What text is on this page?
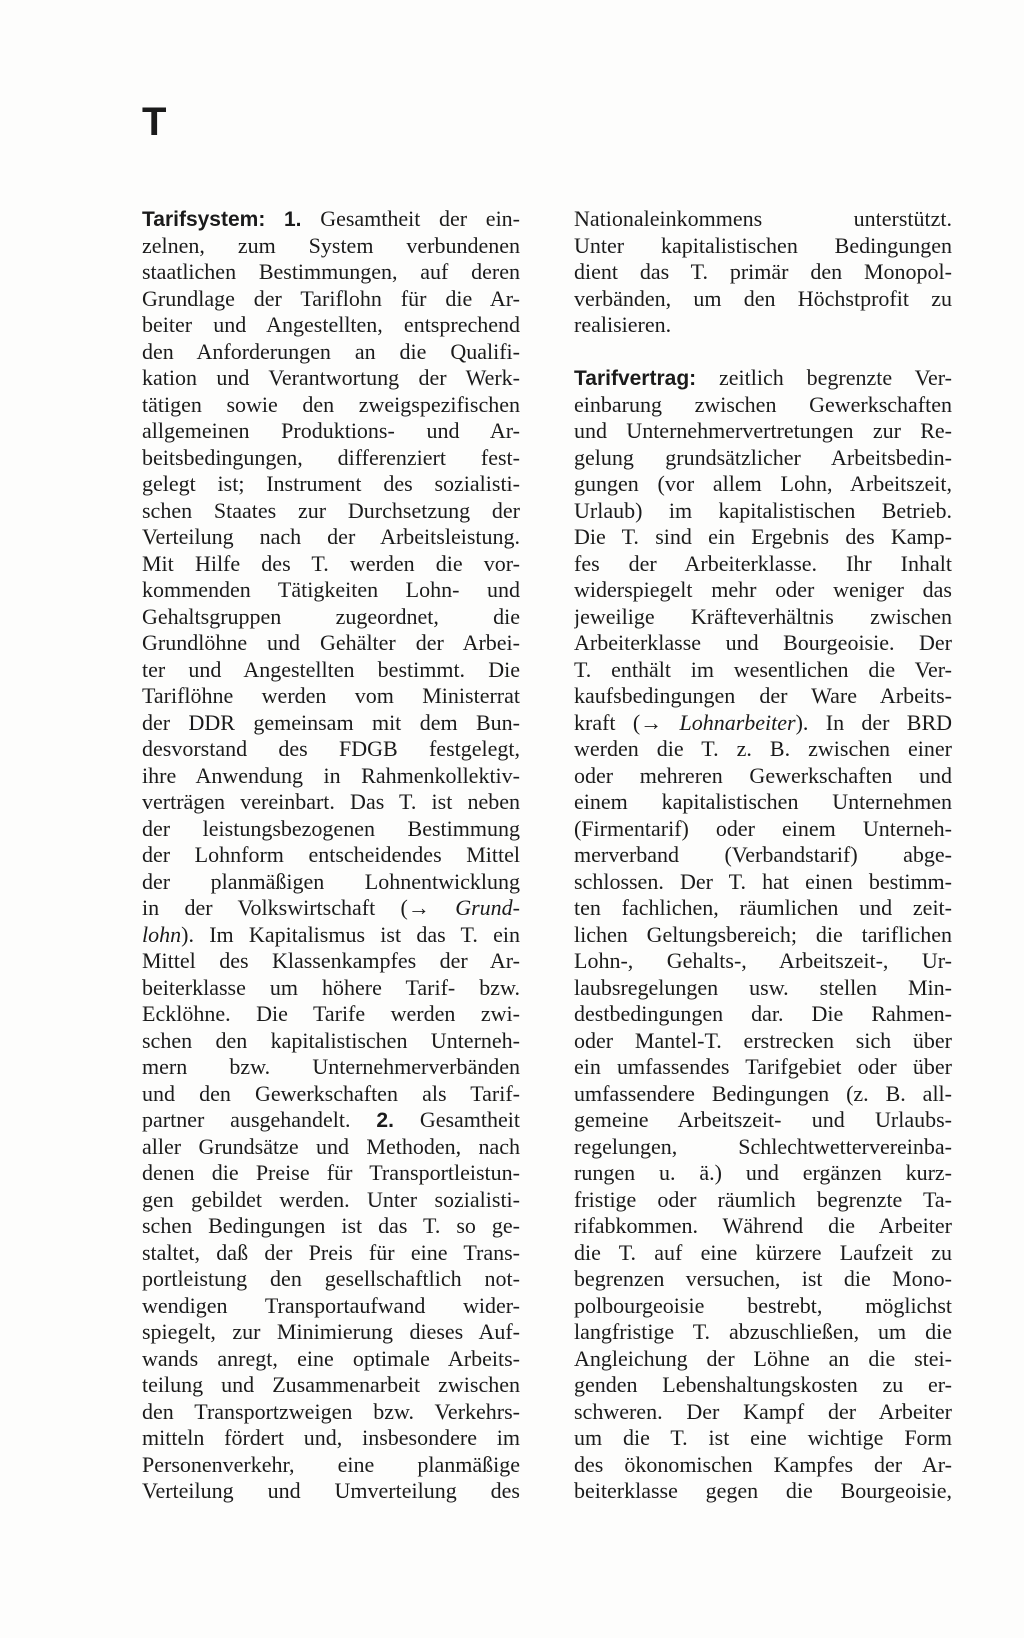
T
Tarifsystem: 1. Gesamtheit der ein-
zelnen, zum System verbundenen
staatlichen Bestimmungen, auf deren
Grundlage der Tariflohn für die Ar-
beiter und Angestellten, entsprechend
den Anforderungen an die Qualifi-
kation und Verantwortung der Werk-
tätigen sowie den zweigspezifischen
allgemeinen Produktions- und Ar-
beitsbedingungen, differenziert fest-
gelegt ist; Instrument des sozialisti-
schen Staates zur Durchsetzung der
Verteilung nach der Arbeitsleistung.
Mit Hilfe des T. werden die vor-
kommenden Tätigkeiten Lohn- und
Gehaltsgruppen zugeordnet, die
Grundlöhne und Gehälter der Arbei-
ter und Angestellten bestimmt. Die
Tariflöhne werden vom Ministerrat
der DDR gemeinsam mit dem Bun-
desvorstand des FDGB festgelegt,
ihre Anwendung in Rahmenkollektiv-
verträgen vereinbart. Das T. ist neben
der leistungsbezogenen Bestimmung
der Lohnform entscheidendes Mittel
der planmäßigen Lohnentwicklung
in der Volkswirtschaft (→ Grund-
lohn). Im Kapitalismus ist das T. ein
Mittel des Klassenkampfes der Ar-
beiterklasse um höhere Tarif- bzw.
Ecklöhne. Die Tarife werden zwi-
schen den kapitalistischen Unterneh-
mern bzw. Unternehmerverbänden
und den Gewerkschaften als Tarif-
partner ausgehandelt. 2. Gesamtheit
aller Grundsätze und Methoden, nach
denen die Preise für Transportleistun-
gen gebildet werden. Unter sozialisti-
schen Bedingungen ist das T. so ge-
staltet, daß der Preis für eine Trans-
portleistung den gesellschaftlich not-
wendigen Transportaufwand wider-
spiegelt, zur Minimierung dieses Auf-
wands anregt, eine optimale Arbeits-
teilung und Zusammenarbeit zwischen
den Transportzweigen bzw. Verkehrs-
mitteln fördert und, insbesondere im
Personenverkehr, eine planmäßige
Verteilung und Umverteilung des
Nationaleinkommens unterstützt.
Unter kapitalistischen Bedingungen
dient das T. primär den Monopol-
verbänden, um den Höchstprofit zu
realisieren.
Tarifvertrag: zeitlich begrenzte Ver-
einbarung zwischen Gewerkschaften
und Unternehmervertretungen zur Re-
gelung grundsätzlicher Arbeitsbedin-
gungen (vor allem Lohn, Arbeitszeit,
Urlaub) im kapitalistischen Betrieb.
Die T. sind ein Ergebnis des Kamp-
fes der Arbeiterklasse. Ihr Inhalt
widerspiegelt mehr oder weniger das
jeweilige Kräfteverhältnis zwischen
Arbeiterklasse und Bourgeoisie. Der
T. enthält im wesentlichen die Ver-
kaufsbedingungen der Ware Arbeits-
kraft (→ Lohnarbeiter). In der BRD
werden die T. z. B. zwischen einer
oder mehreren Gewerkschaften und
einem kapitalistischen Unternehmen
(Firmentarif) oder einem Unterneh-
merverband (Verbandstarif) abge-
schlossen. Der T. hat einen bestimm-
ten fachlichen, räumlichen und zeit-
lichen Geltungsbereich; die tariflichen
Lohn-, Gehalts-, Arbeitszeit-, Ur-
laubsregelungen usw. stellen Min-
destbedingungen dar. Die Rahmen-
oder Mantel-T. erstrecken sich über
ein umfassendes Tarifgebiet oder über
umfassendere Bedingungen (z. B. all-
gemeine Arbeitszeit- und Urlaubs-
regelungen, Schlechtwettervereinba-
rungen u. ä.) und ergänzen kurz-
fristige oder räumlich begrenzte Ta-
rifabkommen. Während die Arbeiter
die T. auf eine kürzere Laufzeit zu
begrenzen versuchen, ist die Mono-
polbourgeoisie bestrebt, möglichst
langfristige T. abzuschließen, um die
Angleichung der Löhne an die stei-
genden Lebenshaltungskosten zu er-
schweren. Der Kampf der Arbeiter
um die T. ist eine wichtige Form
des ökonomischen Kampfes der Ar-
beiterklasse gegen die Bourgeoisie,
